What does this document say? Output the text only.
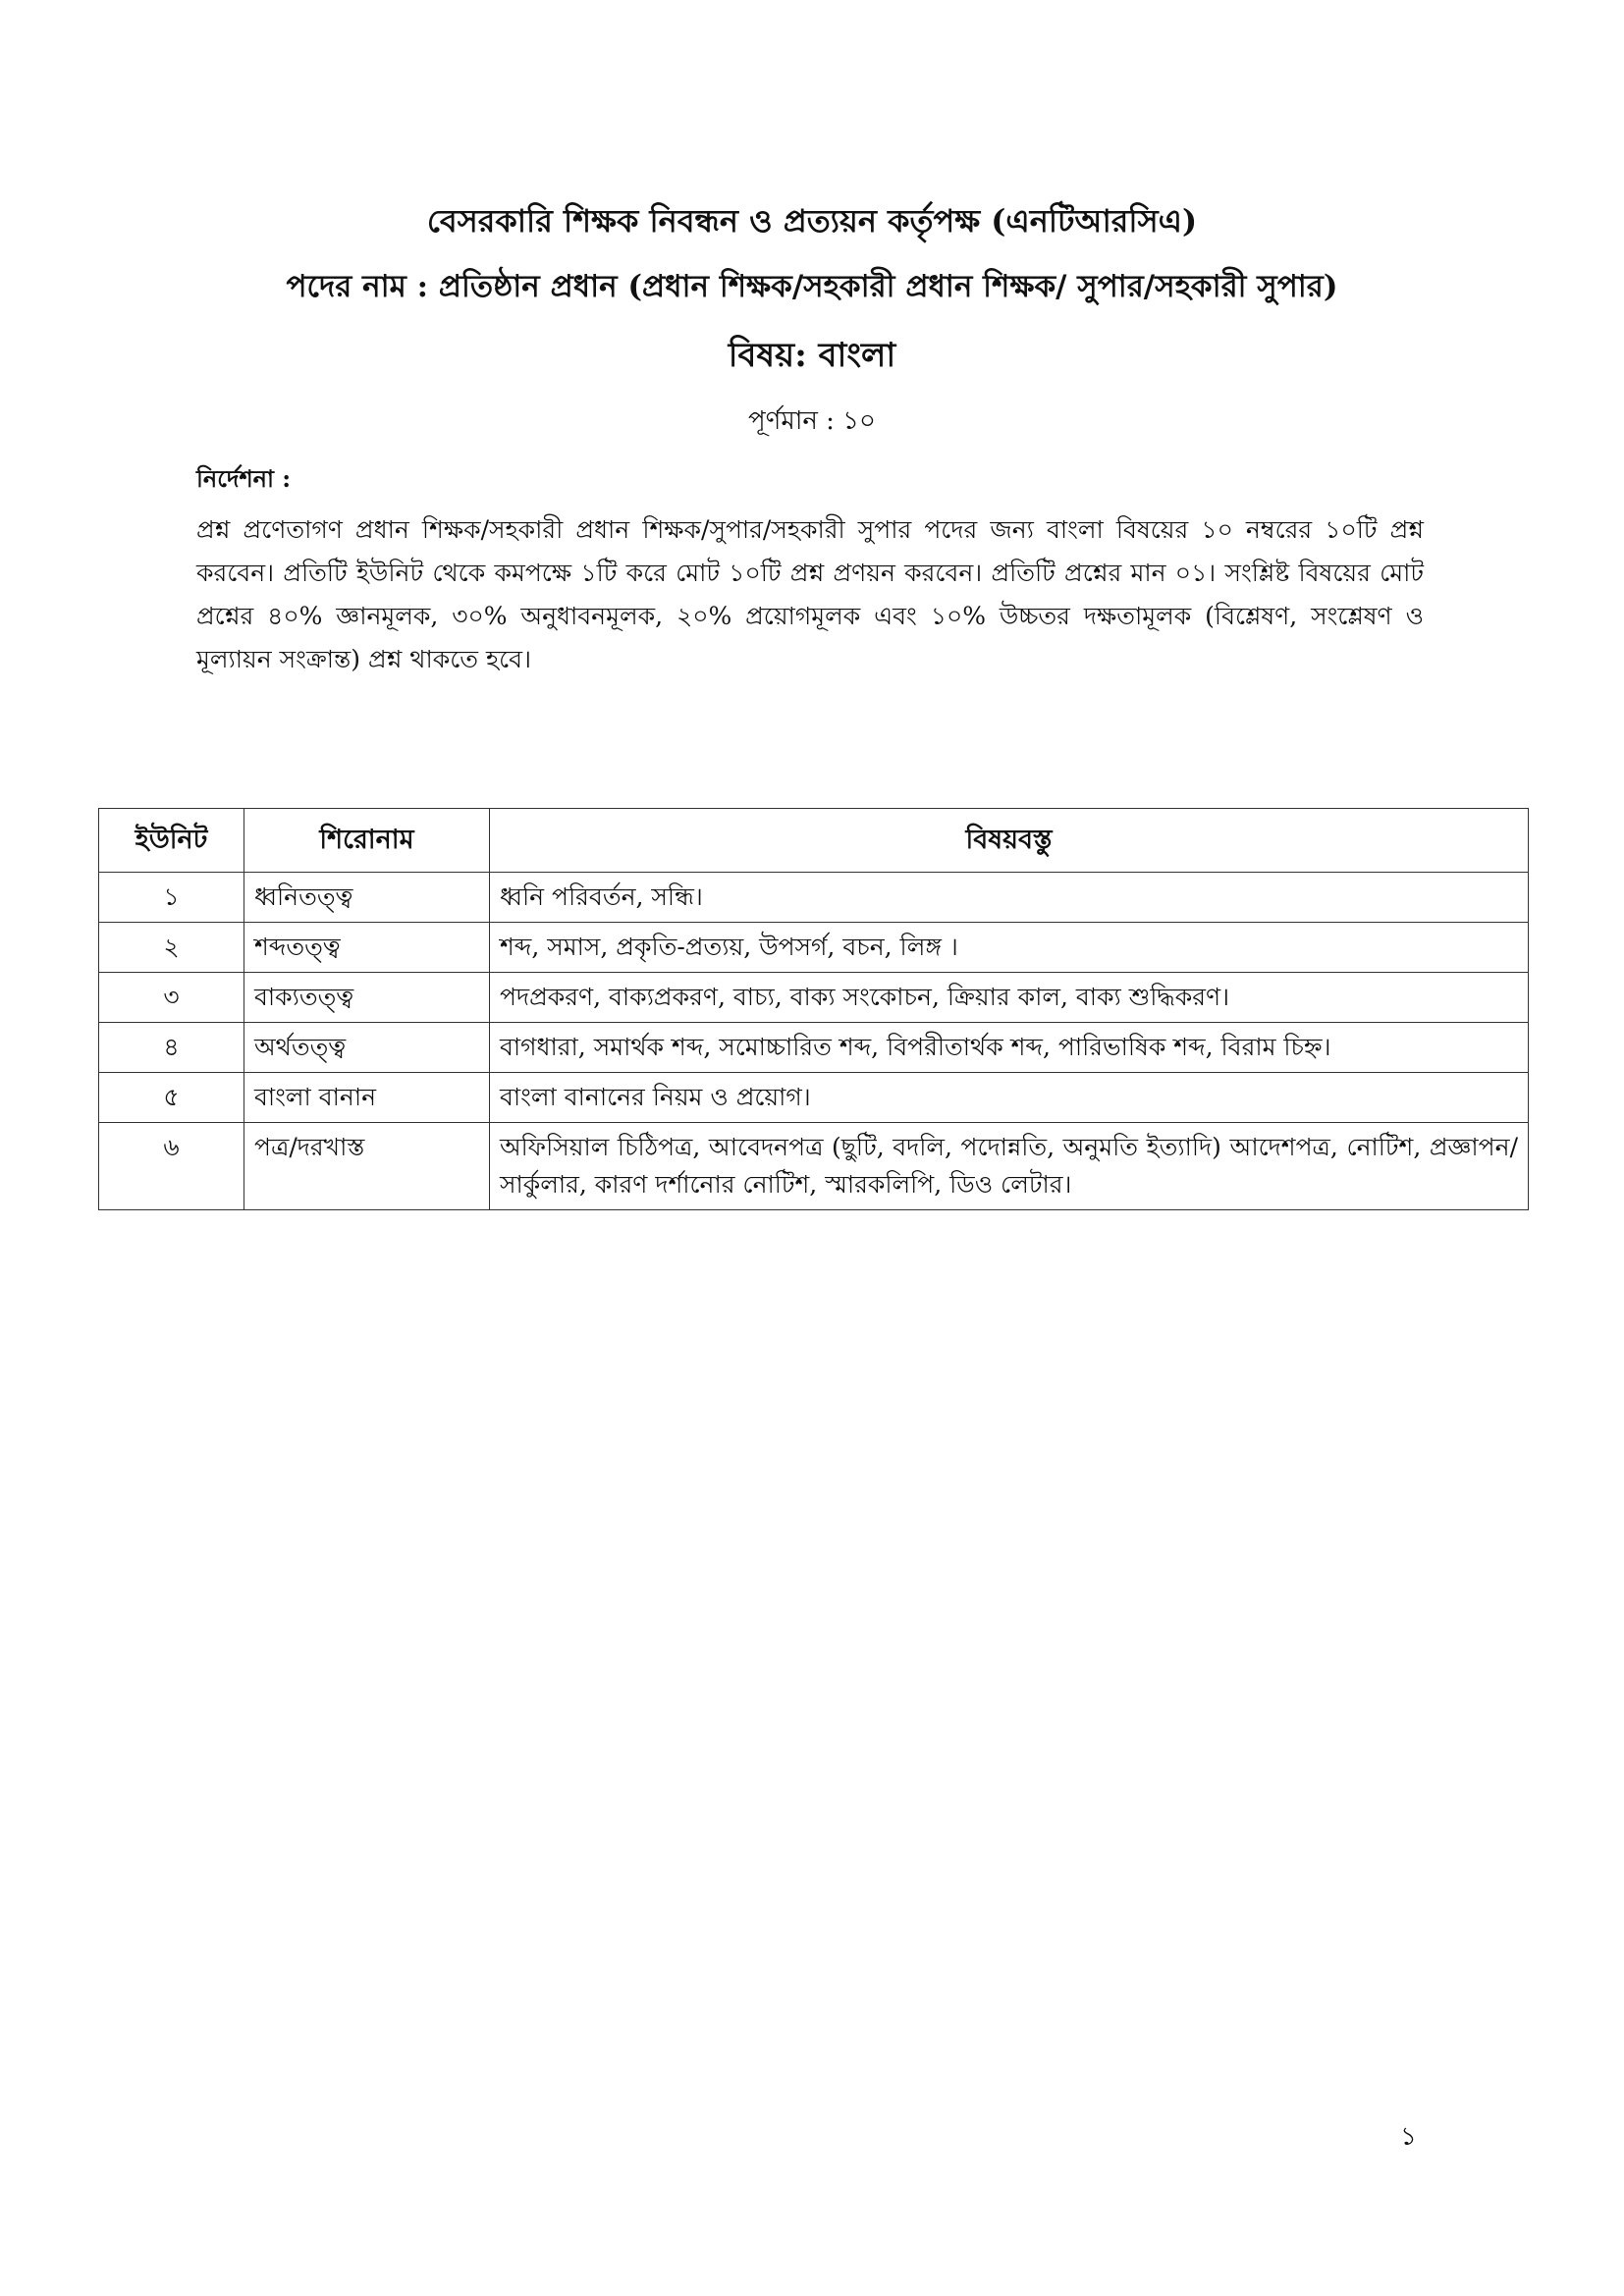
বেসরকারি শিক্ষক নিবন্ধন ও প্রত্যয়ন কর্তৃপক্ষ (এনটিআরসিএ)
পদের নাম : প্রতিষ্ঠান প্রধান (প্রধান শিক্ষক/সহকারী প্রধান শিক্ষক/ সুপার/সহকারী সুপার)
বিষয়: বাংলা
পূর্ণমান : ১০
নির্দেশনা :
প্রশ্ন প্রণেতাগণ প্রধান শিক্ষক/সহকারী প্রধান শিক্ষক/সুপার/সহকারী সুপার পদের জন্য বাংলা বিষয়ের ১০ নম্বরের ১০টি প্রশ্ন করবেন। প্রতিটি ইউনিট থেকে কমপক্ষে ১টি করে মোট ১০টি প্রশ্ন প্রণয়ন করবেন। প্রতিটি প্রশ্নের মান ০১। সংশ্লিষ্ট বিষয়ের মোট প্রশ্নের ৪০% জ্ঞানমূলক, ৩০% অনুধাবনমূলক, ২০% প্রয়োগমূলক এবং ১০% উচ্চতর দক্ষতামূলক (বিশ্লেষণ, সংশ্লেষণ ও মূল্যায়ন সংক্রান্ত) প্রশ্ন থাকতে হবে।
ইউনিট	শিরোনাম	বিষয়বস্তু
১	ধ্বনিতত্ত্ব	ধ্বনি পরিবর্তন, সন্ধি।
২	শব্দতত্ত্ব	শব্দ, সমাস, প্রকৃতি-প্রত্যয়, উপসর্গ, বচন, লিঙ্গ ।
৩	বাক্যতত্ত্ব	পদপ্রকরণ, বাক্যপ্রকরণ, বাচ্য, বাক্য সংকোচন, ক্রিয়ার কাল, বাক্য শুদ্ধিকরণ।
৪	অর্থতত্ত্ব	বাগধারা, সমার্থক শব্দ, সমোচ্চারিত শব্দ, বিপরীতার্থক শব্দ, পারিভাষিক শব্দ, বিরাম চিহ্ন।
৫	বাংলা বানান	বাংলা বানানের নিয়ম ও প্রয়োগ।
৬	পত্র/দরখাস্ত	অফিসিয়াল চিঠিপত্র, আবেদনপত্র (ছুটি, বদলি, পদোন্নতি, অনুমতি ইত্যাদি) আদেশপত্র, নোটিশ, প্রজ্ঞাপন/সার্কুলার, কারণ দর্শানোর নোটিশ, স্মারকলিপি, ডিও লেটার।
১
